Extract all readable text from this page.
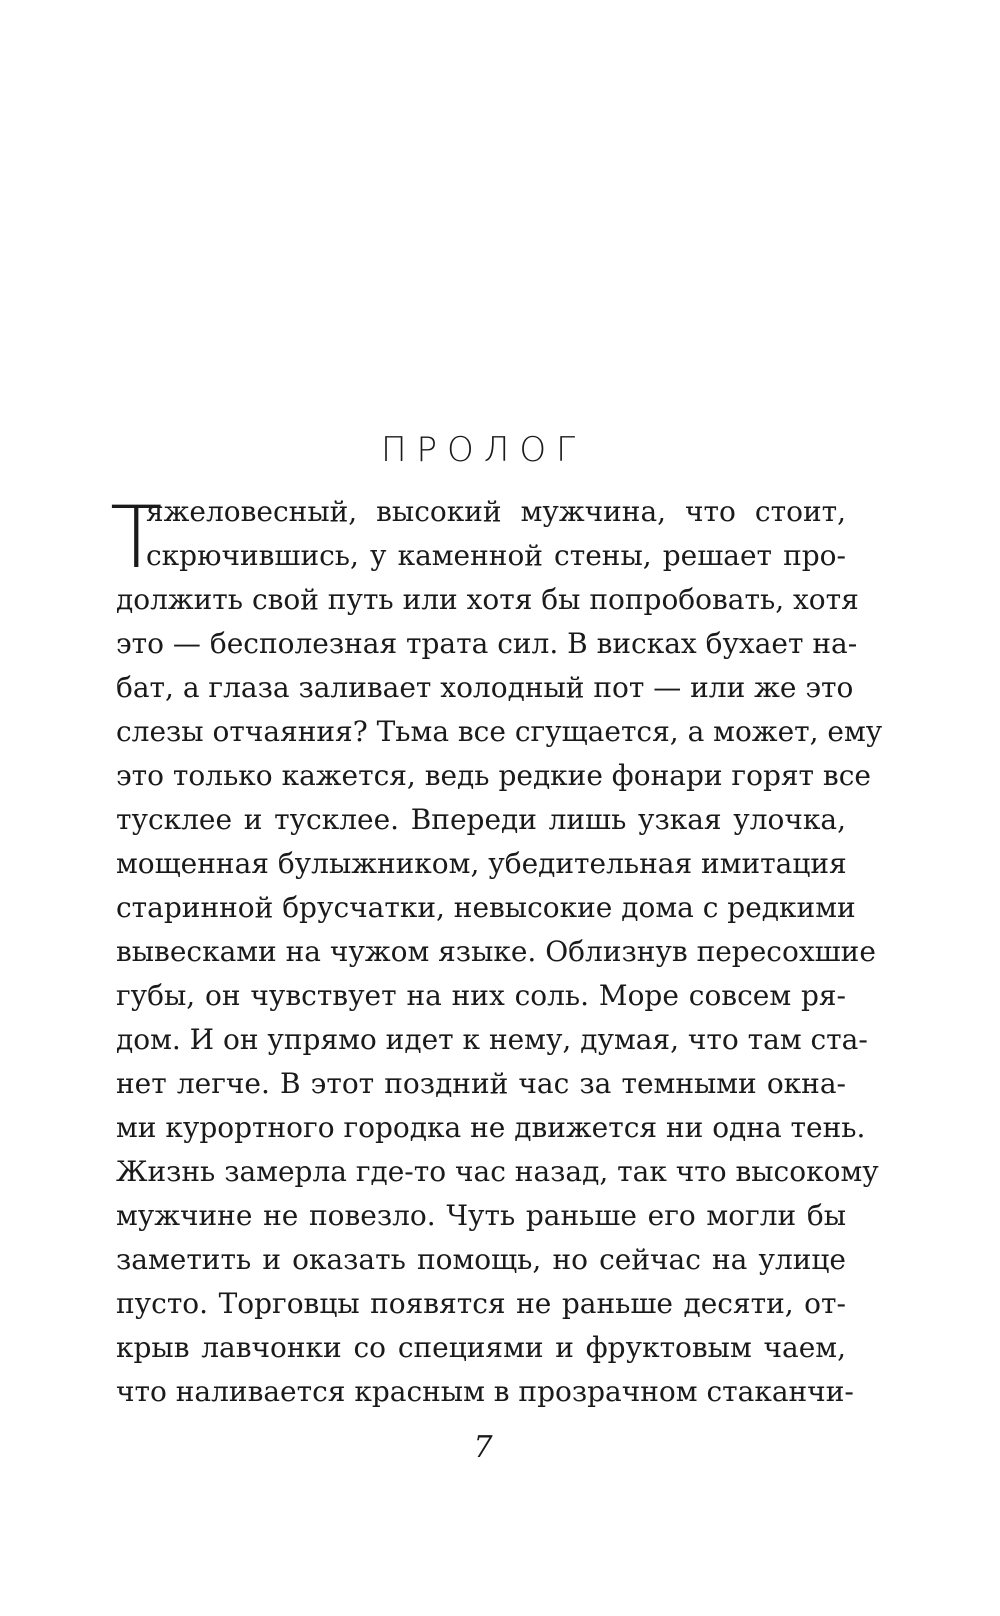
ПРОЛОГ
Т
яжеловесный, высокий мужчина, что стоит,
скрючившись, у каменной стены, решает про-
должить свой путь или хотя бы попробовать, хотя
это — бесполезная трата сил. В висках бухает на-
бат, а глаза заливает холодный пот — или же это
слезы отчаяния? Тьма все сгущается, а может, ему
это только кажется, ведь редкие фонари горят все
тусклее и тусклее. Впереди лишь узкая улочка,
мощенная булыжником, убедительная имитация
старинной брусчатки, невысокие дома с редкими
вывесками на чужом языке. Облизнув пересохшие
губы, он чувствует на них соль. Море совсем ря-
дом. И он упрямо идет к нему, думая, что там ста-
нет легче. В этот поздний час за темными окна-
ми курортного городка не движется ни одна тень.
Жизнь замерла где-то час назад, так что высокому
мужчине не повезло. Чуть раньше его могли бы
заметить и оказать помощь, но сейчас на улице
пусто. Торговцы появятся не раньше десяти, от-
крыв лавчонки со специями и фруктовым чаем,
что наливается красным в прозрачном стаканчи-
7
